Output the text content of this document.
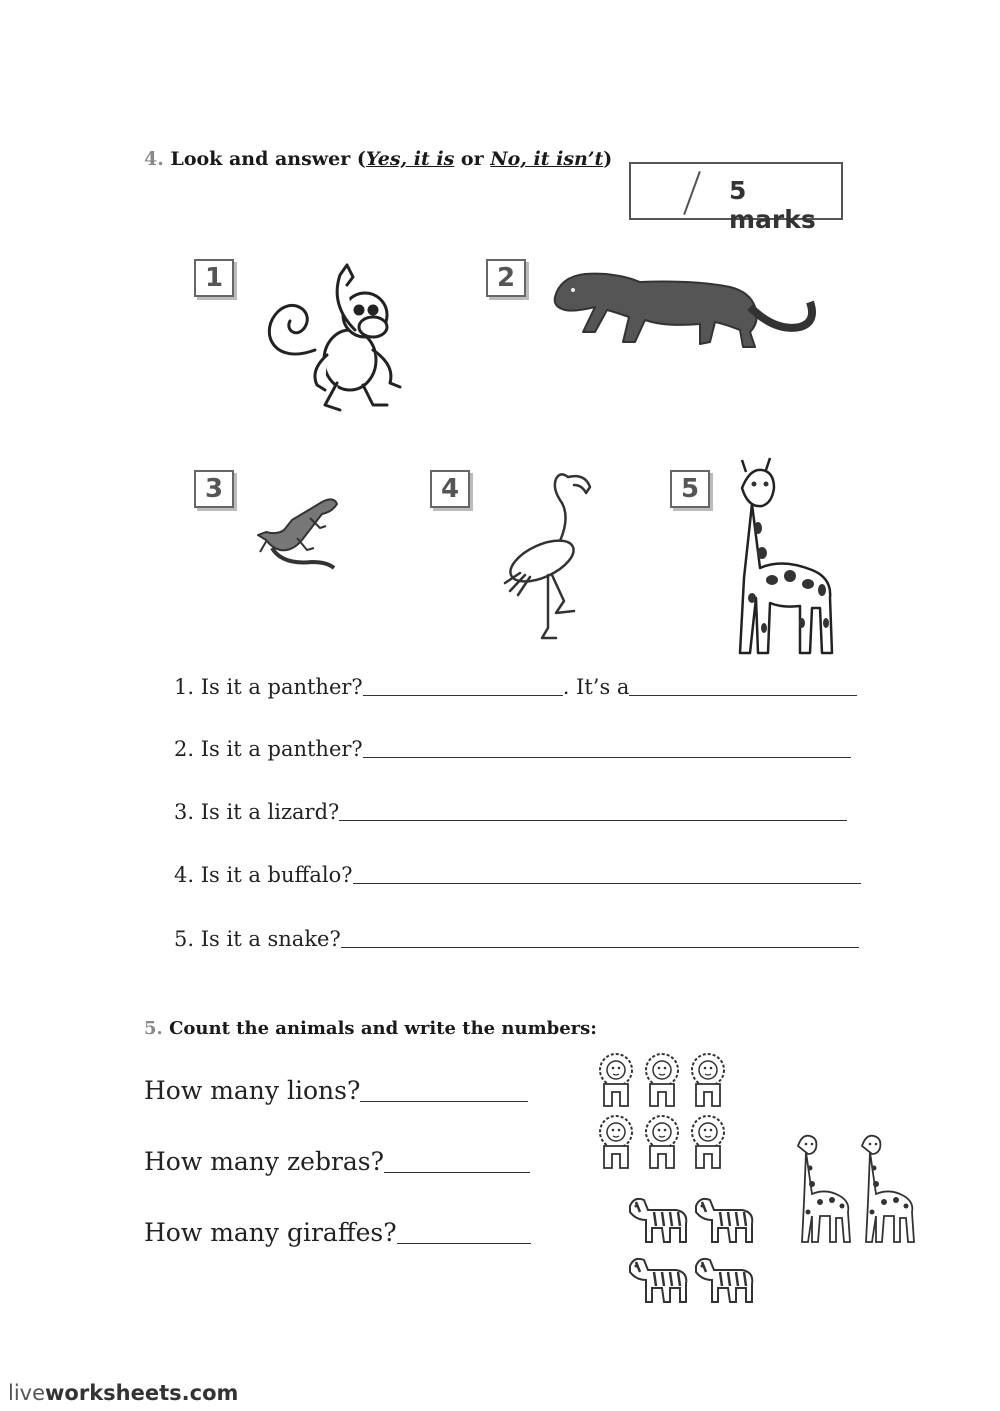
4. Look and answer (Yes, it is or No, it isn’t)
5 marks
1	2
3	4	5
1.
Is it a panther?	. It’s a
2.
Is it a panther?
3.
Is it a lizard?
4.
Is it a buffalo?
5.
Is it a snake?
5. Count the animals and write the numbers:
How many lions?
How many zebras?
How many giraffes?
liveworksheets.com
